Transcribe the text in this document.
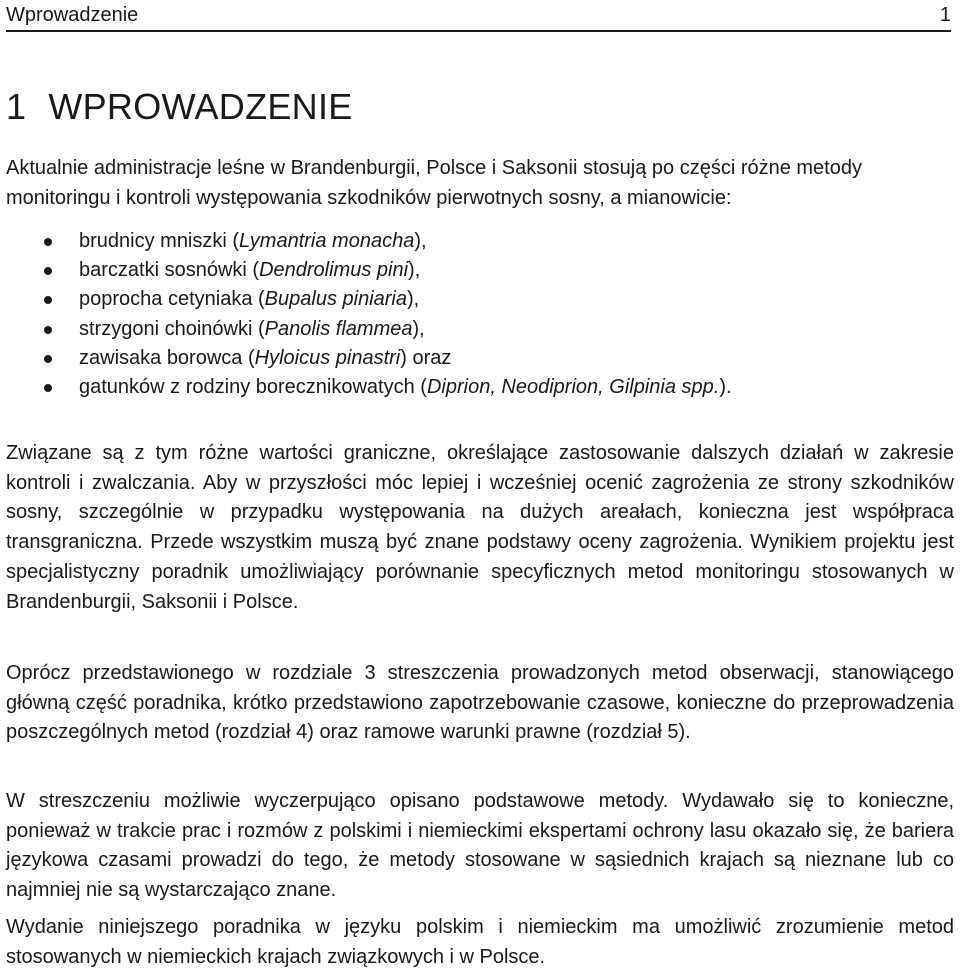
Wprowadzenie	1
1 WPROWADZENIE

Aktualnie administracje leśne w Brandenburgii, Polsce i Saksonii stosują po części różne metody monitoringu i kontroli występowania szkodników pierwotnych sosny, a mianowicie:

brudnicy mniszki (Lymantria monacha),
barczatki sosnówki (Dendrolimus pini),
poprocha cetyniaka (Bupalus piniaria),
strzygoni choinówki (Panolis flammea),
zawisaka borowca (Hyloicus pinastri) oraz
gatunków z rodziny borecznikowatych (Diprion, Neodiprion, Gilpinia spp.).

Związane są z tym różne wartości graniczne, określające zastosowanie dalszych działań w zakresie kontroli i zwalczania. Aby w przyszłości móc lepiej i wcześniej ocenić zagrożenia ze strony szkodników sosny, szczególnie w przypadku występowania na dużych areałach, konieczna jest współpraca transgraniczna. Przede wszystkim muszą być znane podstawy oceny zagrożenia. Wynikiem projektu jest specjalistyczny poradnik umożliwiający porównanie specyficznych metod monitoringu stosowanych w Brandenburgii, Saksonii i Polsce.

Oprócz przedstawionego w rozdziale 3 streszczenia prowadzonych metod obserwacji, stanowiącego główną część poradnika, krótko przedstawiono zapotrzebowanie czasowe, konieczne do przeprowadzenia poszczególnych metod (rozdział 4) oraz ramowe warunki prawne (rozdział 5).

W streszczeniu możliwie wyczerpująco opisano podstawowe metody. Wydawało się to konieczne, ponieważ w trakcie prac i rozmów z polskimi i niemieckimi ekspertami ochrony lasu okazało się, że bariera językowa czasami prowadzi do tego, że metody stosowane w sąsiednich krajach są nieznane lub co najmniej nie są wystarczająco znane.

Wydanie niniejszego poradnika w języku polskim i niemieckim ma umożliwić zrozumienie metod stosowanych w niemieckich krajach związkowych i w Polsce.
